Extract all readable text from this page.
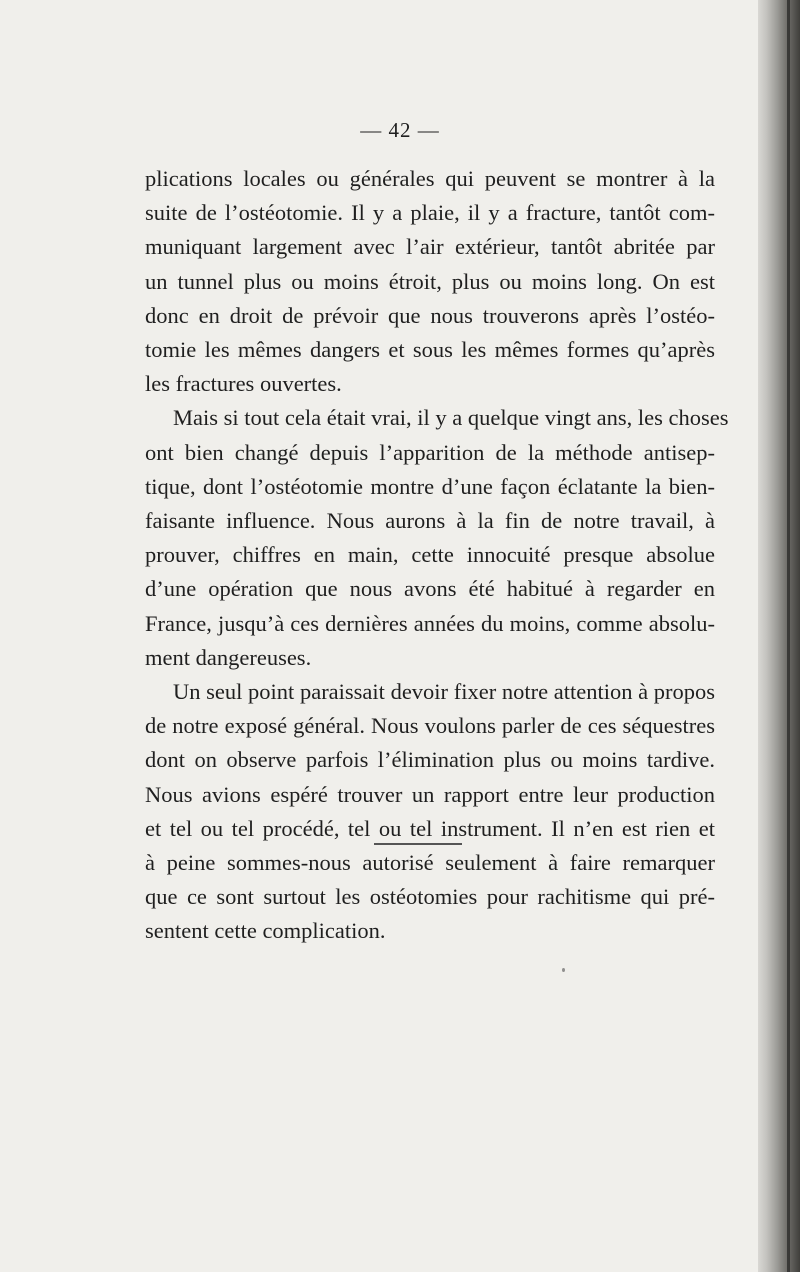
— 42 —
plications locales ou générales qui peuvent se montrer à la
suite de l’ostéotomie. Il y a plaie, il y a fracture, tantôt com-
muniquant largement avec l’air extérieur, tantôt abritée par
un tunnel plus ou moins étroit, plus ou moins long. On est
donc en droit de prévoir que nous trouverons après l’ostéo-
tomie les mêmes dangers et sous les mêmes formes qu’après
les fractures ouvertes.
Mais si tout cela était vrai, il y a quelque vingt ans, les choses
ont bien changé depuis l’apparition de la méthode antisep-
tique, dont l’ostéotomie montre d’une façon éclatante la bien-
faisante influence. Nous aurons à la fin de notre travail, à
prouver, chiffres en main, cette innocuité presque absolue
d’une opération que nous avons été habitué à regarder en
France, jusqu’à ces dernières années du moins, comme absolu-
ment dangereuses.
Un seul point paraissait devoir fixer notre attention à propos
de notre exposé général. Nous voulons parler de ces séquestres
dont on observe parfois l’élimination plus ou moins tardive.
Nous avions espéré trouver un rapport entre leur production
et tel ou tel procédé, tel ou tel instrument. Il n’en est rien et
à peine sommes-nous autorisé seulement à faire remarquer
que ce sont surtout les ostéotomies pour rachitisme qui pré-
sentent cette complication.
